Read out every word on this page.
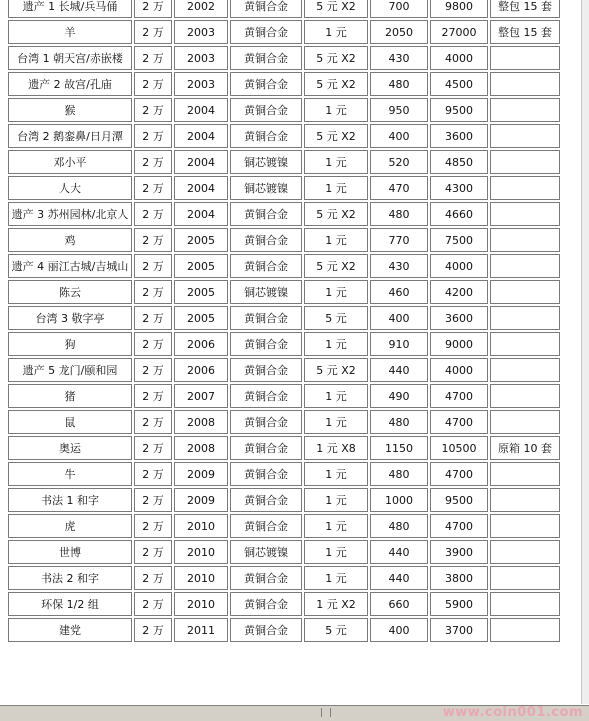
遗产 1 长城/兵马俑	2 万	2002	黄铜合金	5 元 X2	700	9800	整包 15 套
羊	2 万	2003	黄铜合金	1 元	2050	27000	整包 15 套
台湾 1 朝天宫/赤嵌楼	2 万	2003	黄铜合金	5 元 X2	430	4000	
遗产 2 故宫/孔庙	2 万	2003	黄铜合金	5 元 X2	480	4500	
猴	2 万	2004	黄铜合金	1 元	950	9500	
台湾 2 鹅銮鼻/日月潭	2 万	2004	黄铜合金	5 元 X2	400	3600	
邓小平	2 万	2004	铜芯镀镍	1 元	520	4850	
人大	2 万	2004	铜芯镀镍	1 元	470	4300	
遗产 3 苏州园林/北京人	2 万	2004	黄铜合金	5 元 X2	480	4660	
鸡	2 万	2005	黄铜合金	1 元	770	7500	
遗产 4 丽江古城/吉城山	2 万	2005	黄铜合金	5 元 X2	430	4000	
陈云	2 万	2005	铜芯镀镍	1 元	460	4200	
台湾 3 敬字亭	2 万	2005	黄铜合金	5 元	400	3600	
狗	2 万	2006	黄铜合金	1 元	910	9000	
遗产 5 龙门/颐和园	2 万	2006	黄铜合金	5 元 X2	440	4000	
猪	2 万	2007	黄铜合金	1 元	490	4700	
鼠	2 万	2008	黄铜合金	1 元	480	4700	
奥运	2 万	2008	黄铜合金	1 元 X8	1150	10500	原箱 10 套
牛	2 万	2009	黄铜合金	1 元	480	4700	
书法 1 和字	2 万	2009	黄铜合金	1 元	1000	9500	
虎	2 万	2010	黄铜合金	1 元	480	4700	
世博	2 万	2010	铜芯镀镍	1 元	440	3900	
书法 2 和字	2 万	2010	黄铜合金	1 元	440	3800	
环保 1/2 组	2 万	2010	黄铜合金	1 元 X2	660	5900	
建党	2 万	2011	黄铜合金	5 元	400	3700	
www.coin001.com
